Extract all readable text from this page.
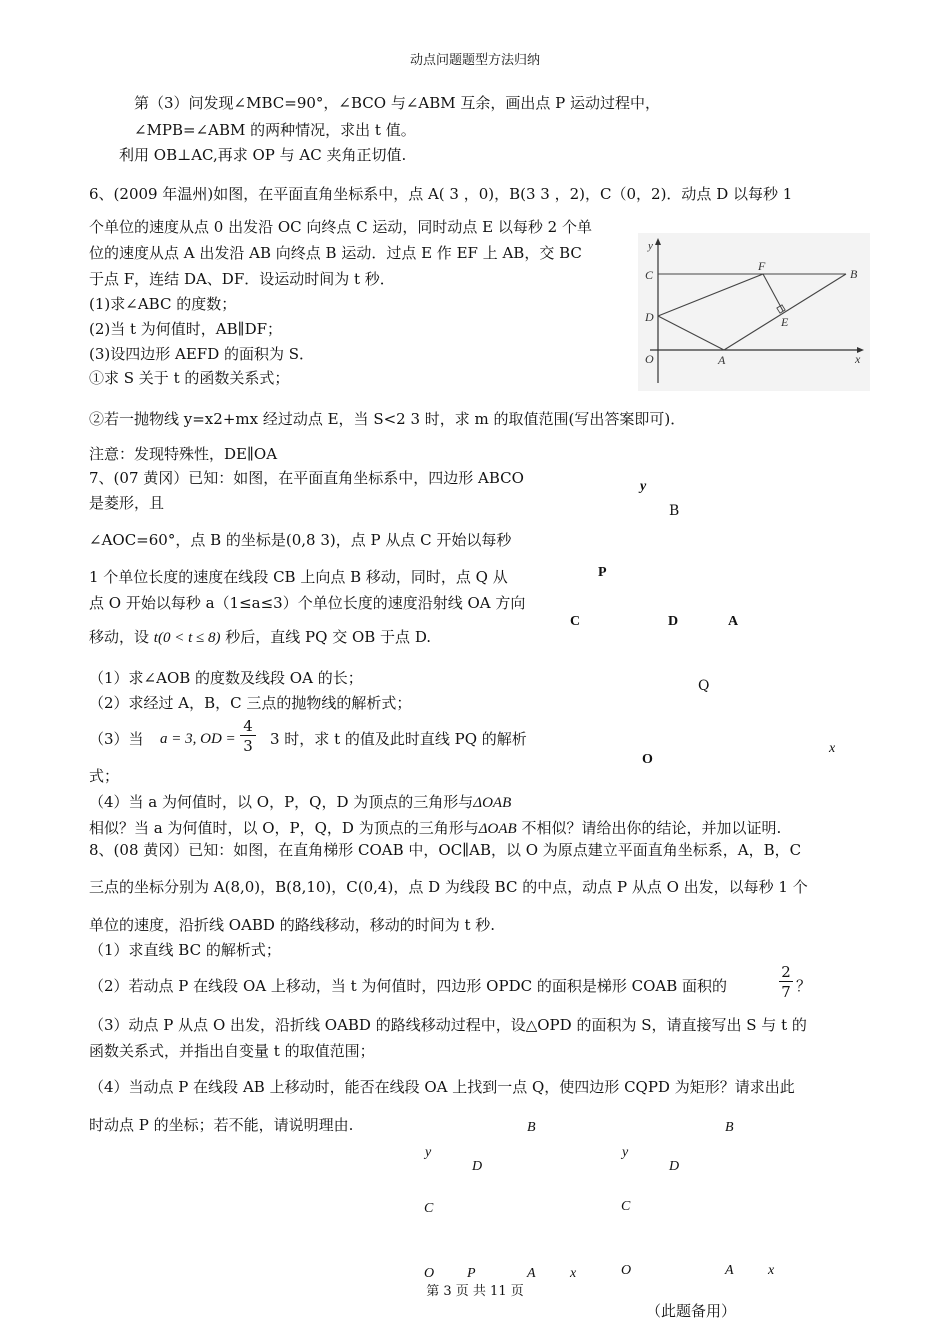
动点问题题型方法归纳
第（3）问发现∠MBC=90°，∠BCO 与∠ABM 互余，画出点 P 运动过程中，
∠MPB=∠ABM 的两种情况，求出 t 值。
利用 OB⊥AC,再求 OP 与 AC 夹角正切值.
6、(2009 年温州)如图，在平面直角坐标系中，点 A( 3 ，0)，B(3 3 ，2)，C（0，2)．动点 D 以每秒 1
个单位的速度从点 0 出发沿 OC 向终点 C 运动，同时动点 E 以每秒 2 个单
位的速度从点 A 出发沿 AB 向终点 B 运动．过点 E 作 EF 上 AB，交 BC
于点 F，连结 DA、DF．设运动时间为 t 秒．
(1)求∠ABC 的度数；
(2)当 t 为何值时，AB∥DF；
(3)设四边形 AEFD 的面积为 S．
①求 S 关于 t 的函数关系式；
②若一抛物线 y=x2+mx 经过动点 E，当 S<2 3 时，求 m 的取值范围(写出答案即可)．
注意：发现特殊性，DE∥OA
y
C
F
B
D	E
O	A	x
7、(07 黄冈）已知：如图，在平面直角坐标系中，四边形 ABCO
是菱形，且
∠AOC=60°，点 B 的坐标是(0,8 3)，点 P 从点 C 开始以每秒
1 个单位长度的速度在线段 CB 上向点 B 移动，同时，点 Q 从
点 O 开始以每秒 a（1≤a≤3）个单位长度的速度沿射线 OA 方向
移动，设 t(0 < t ≤ 8) 秒后，直线 PQ 交 OB 于点 D.
（1）求∠AOB 的度数及线段 OA 的长；
（2）求经过 A，B，C 三点的抛物线的解析式；
（3）当 a = 3, OD = $\frac{4}{3} 3$ 时，求 t 的值及此时直线 PQ 的解析
式；
（4）当 a 为何值时，以 O，P，Q，D 为顶点的三角形与ΔOAB
相似？当 a 为何值时，以 O，P，Q，D 为顶点的三角形与ΔOAB 不相似？请给出你的结论，并加以证明.
y
B
P
C	D	A
Q
x
O
8、(08 黄冈）已知：如图，在直角梯形 COAB 中，OC∥AB，以 O 为原点建立平面直角坐标系，A，B，C
三点的坐标分别为 A(8,0)，B(8,10)，C(0,4)，点 D 为线段 BC 的中点，动点 P 从点 O 出发，以每秒 1 个
单位的速度，沿折线 OABD 的路线移动，移动的时间为 t 秒.
（1）求直线 BC 的解析式；
（2）若动点 P 在线段 OA 上移动，当 t 为何值时，四边形 OPDC 的面积是梯形 COAB 面积的	$\frac{2}{7}$ ？
（3）动点 P 从点 O 出发，沿折线 OABD 的路线移动过程中，设△OPD 的面积为 S，请直接写出 S 与 t 的
函数关系式，并指出自变量 t 的取值范围；
（4）当动点 P 在线段 AB 上移动时，能否在线段 OA 上找到一点 Q，使四边形 CQPD 为矩形？请求出此
时动点 P 的坐标；若不能，请说明理由.	B
y
D
C
O P	A x
B
y
D
C
O	A x
第 3 页 共 11 页
（此题备用）
